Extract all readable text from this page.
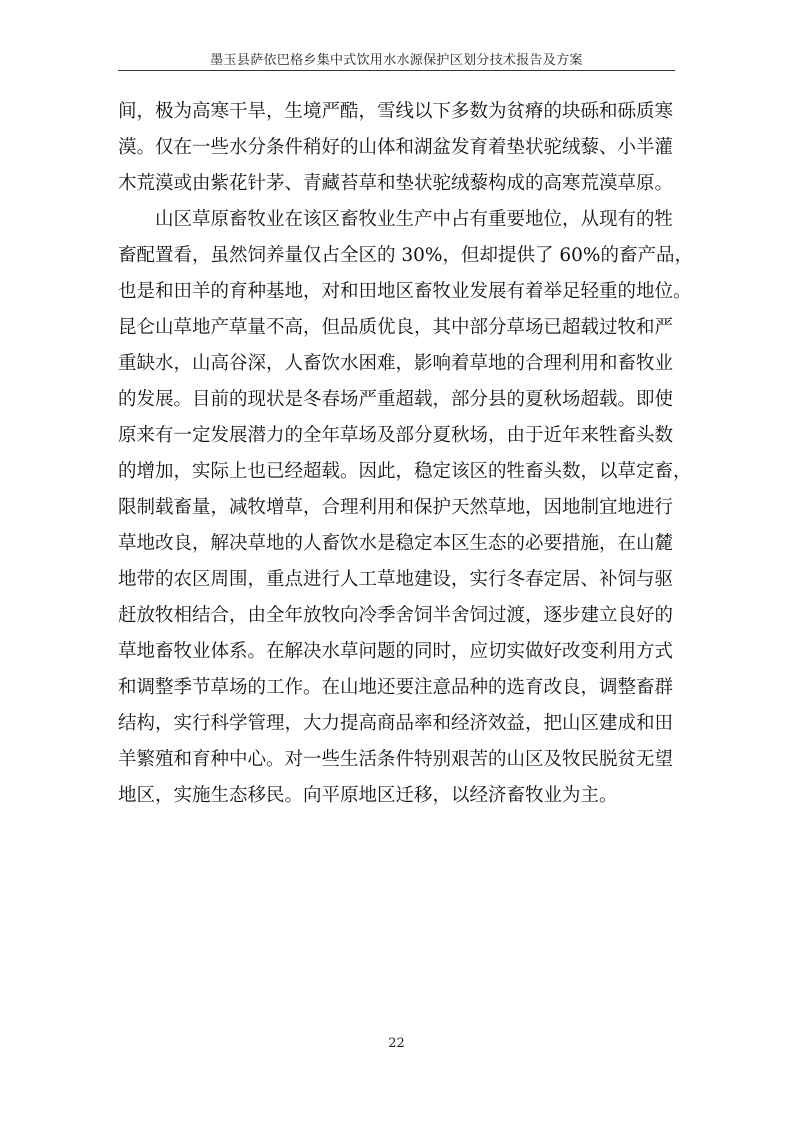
墨玉县萨依巴格乡集中式饮用水水源保护区划分技术报告及方案
间，极为高寒干旱，生境严酷，雪线以下多数为贫瘠的块砾和砾质寒
漠。仅在一些水分条件稍好的山体和湖盆发育着垫状驼绒藜、小半灌
木荒漠或由紫花针茅、青藏苔草和垫状驼绒藜构成的高寒荒漠草原。
山区草原畜牧业在该区畜牧业生产中占有重要地位，从现有的牲
畜配置看，虽然饲养量仅占全区的 30%，但却提供了 60%的畜产品，
也是和田羊的育种基地，对和田地区畜牧业发展有着举足轻重的地位。
昆仑山草地产草量不高，但品质优良，其中部分草场已超载过牧和严
重缺水，山高谷深，人畜饮水困难，影响着草地的合理利用和畜牧业
的发展。目前的现状是冬春场严重超载，部分县的夏秋场超载。即使
原来有一定发展潜力的全年草场及部分夏秋场，由于近年来牲畜头数
的增加，实际上也已经超载。因此，稳定该区的牲畜头数，以草定畜，
限制载畜量，减牧增草，合理利用和保护天然草地，因地制宜地进行
草地改良，解决草地的人畜饮水是稳定本区生态的必要措施，在山麓
地带的农区周围，重点进行人工草地建设，实行冬春定居、补饲与驱
赶放牧相结合，由全年放牧向冷季舍饲半舍饲过渡，逐步建立良好的
草地畜牧业体系。在解决水草问题的同时，应切实做好改变利用方式
和调整季节草场的工作。在山地还要注意品种的选育改良，调整畜群
结构，实行科学管理，大力提高商品率和经济效益，把山区建成和田
羊繁殖和育种中心。对一些生活条件特别艰苦的山区及牧民脱贫无望
地区，实施生态移民。向平原地区迁移，以经济畜牧业为主。
22
